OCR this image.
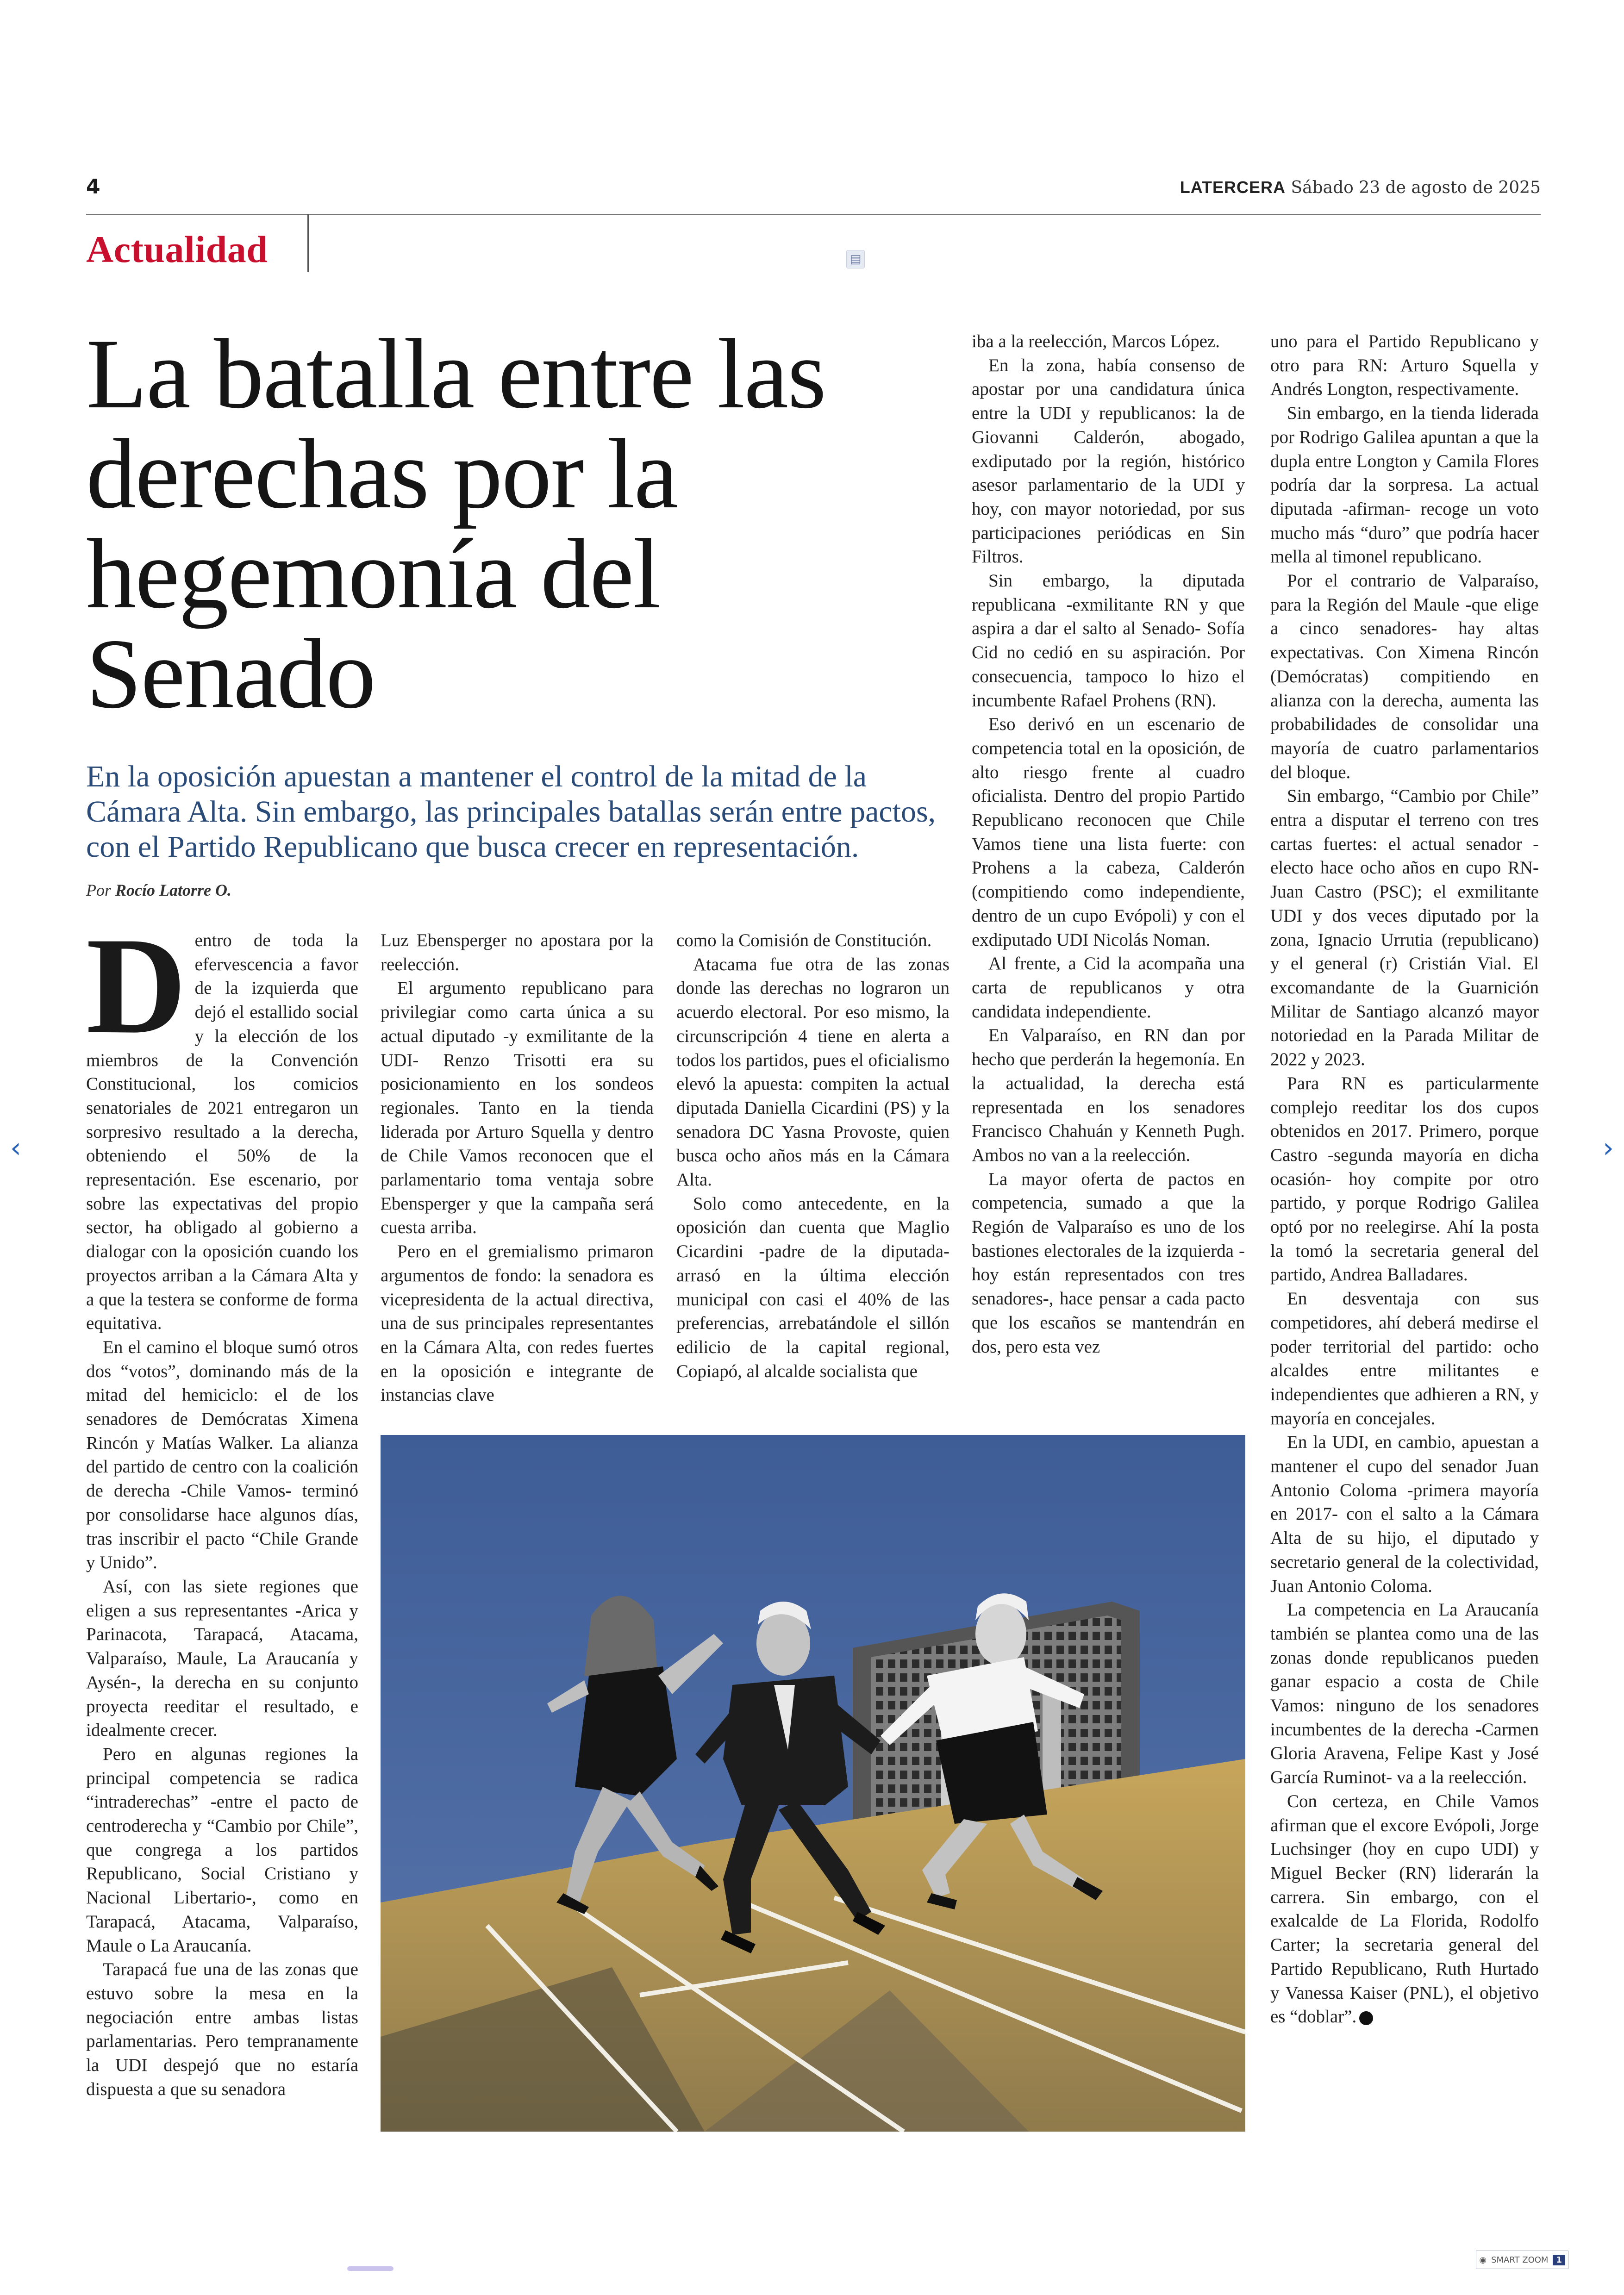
4	LATERCERA Sábado 23 de agosto de 2025
Actualidad	▤
La batalla entre las derechas por la hegemonía del Senado

En la oposición apuestan a mantener el control de la mitad de la Cámara Alta. Sin embargo, las principales batallas serán entre pactos, con el Partido Republicano que busca crecer en representación.

Por Rocío Latorre O.

Dentro de toda la efervescencia a favor de la izquierda que dejó el estallido social y la elección de los miembros de la Convención Constitucional, los comicios senatoriales de 2021 entregaron un sorpresivo resultado a la derecha, obteniendo el 50% de la representación. Ese escenario, por sobre las expectativas del propio sector, ha obligado al gobierno a dialogar con la oposición cuando los proyectos arriban a la Cámara Alta y a que la testera se conforme de forma equitativa.

En el camino el bloque sumó otros dos “votos”, dominando más de la mitad del hemiciclo: el de los senadores de Demócratas Ximena Rincón y Matías Walker. La alianza del partido de centro con la coalición de derecha -Chile Vamos- terminó por consolidarse hace algunos días, tras inscribir el pacto “Chile Grande y Unido”.

Así, con las siete regiones que eligen a sus representantes -Arica y Parinacota, Tarapacá, Atacama, Valparaíso, Maule, La Araucanía y Aysén-, la derecha en su conjunto proyecta reeditar el resultado, e idealmente crecer.

Pero en algunas regiones la principal competencia se radica “intraderechas” -entre el pacto de centroderecha y “Cambio por Chile”, que congrega a los partidos Republicano, Social Cristiano y Nacional Libertario-, como en Tarapacá, Atacama, Valparaíso, Maule o La Araucanía.

Tarapacá fue una de las zonas que estuvo sobre la mesa en la negociación entre ambas listas parlamentarias. Pero tempranamente la UDI despejó que no estaría dispuesta a que su senadora

Luz Ebensperger no apostara por la reelección.

El argumento republicano para privilegiar como carta única a su actual diputado -y exmilitante de la UDI- Renzo Trisotti era su posicionamiento en los sondeos regionales. Tanto en la tienda liderada por Arturo Squella y dentro de Chile Vamos reconocen que el parlamentario toma ventaja sobre Ebensperger y que la campaña será cuesta arriba.

Pero en el gremialismo primaron argumentos de fondo: la senadora es vicepresidenta de la actual directiva, una de sus principales representantes en la Cámara Alta, con redes fuertes en la oposición e integrante de instancias clave

como la Comisión de Constitución.

Atacama fue otra de las zonas donde las derechas no lograron un acuerdo electoral. Por eso mismo, la circunscripción 4 tiene en alerta a todos los partidos, pues el oficialismo elevó la apuesta: compiten la actual diputada Daniella Cicardini (PS) y la senadora DC Yasna Provoste, quien busca ocho años más en la Cámara Alta.

Solo como antecedente, en la oposición dan cuenta que Maglio Cicardini -padre de la diputada- arrasó en la última elección municipal con casi el 40% de las preferencias, arrebatándole el sillón edilicio de la capital regional, Copiapó, al alcalde socialista que

iba a la reelección, Marcos López.

En la zona, había consenso de apostar por una candidatura única entre la UDI y republicanos: la de Giovanni Calderón, abogado, exdiputado por la región, histórico asesor parlamentario de la UDI y hoy, con mayor notoriedad, por sus participaciones periódicas en Sin Filtros.

Sin embargo, la diputada republicana -exmilitante RN y que aspira a dar el salto al Senado- Sofía Cid no cedió en su aspiración. Por consecuencia, tampoco lo hizo el incumbente Rafael Prohens (RN).

Eso derivó en un escenario de competencia total en la oposición, de alto riesgo frente al cuadro oficialista. Dentro del propio Partido Republicano reconocen que Chile Vamos tiene una lista fuerte: con Prohens a la cabeza, Calderón (compitiendo como independiente, dentro de un cupo Evópoli) y con el exdiputado UDI Nicolás Noman.

Al frente, a Cid la acompaña una carta de republicanos y otra candidata independiente.

En Valparaíso, en RN dan por hecho que perderán la hegemonía. En la actualidad, la derecha está representada en los senadores Francisco Chahuán y Kenneth Pugh. Ambos no van a la reelección.

La mayor oferta de pactos en competencia, sumado a que la Región de Valparaíso es uno de los bastiones electorales de la izquierda -hoy están representados con tres senadores-, hace pensar a cada pacto que los escaños se mantendrán en dos, pero esta vez

uno para el Partido Republicano y otro para RN: Arturo Squella y Andrés Longton, respectivamente.

Sin embargo, en la tienda liderada por Rodrigo Galilea apuntan a que la dupla entre Longton y Camila Flores podría dar la sorpresa. La actual diputada -afirman- recoge un voto mucho más “duro” que podría hacer mella al timonel republicano.

Por el contrario de Valparaíso, para la Región del Maule -que elige a cinco senadores- hay altas expectativas. Con Ximena Rincón (Demócratas) compitiendo en alianza con la derecha, aumenta las probabilidades de consolidar una mayoría de cuatro parlamentarios del bloque.

Sin embargo, “Cambio por Chile” entra a disputar el terreno con tres cartas fuertes: el actual senador -electo hace ocho años en cupo RN- Juan Castro (PSC); el exmilitante UDI y dos veces diputado por la zona, Ignacio Urrutia (republicano) y el general (r) Cristián Vial. El excomandante de la Guarnición Militar de Santiago alcanzó mayor notoriedad en la Parada Militar de 2022 y 2023.

Para RN es particularmente complejo reeditar los dos cupos obtenidos en 2017. Primero, porque Castro -segunda mayoría en dicha ocasión- hoy compite por otro partido, y porque Rodrigo Galilea optó por no reelegirse. Ahí la posta la tomó la secretaria general del partido, Andrea Balladares.

En desventaja con sus competidores, ahí deberá medirse el poder territorial del partido: ocho alcaldes entre militantes e independientes que adhieren a RN, y mayoría en concejales.

En la UDI, en cambio, apuestan a mantener el cupo del senador Juan Antonio Coloma -primera mayoría en 2017- con el salto a la Cámara Alta de su hijo, el diputado y secretario general de la colectividad, Juan Antonio Coloma.

La competencia en La Araucanía también se plantea como una de las zonas donde republicanos pueden ganar espacio a costa de Chile Vamos: ninguno de los senadores incumbentes de la derecha -Carmen Gloria Aravena, Felipe Kast y José García Ruminot- va a la reelección.

Con certeza, en Chile Vamos afirman que el excore Evópoli, Jorge Luchsinger (hoy en cupo UDI) y Miguel Becker (RN) liderarán la carrera. Sin embargo, con el exalcalde de La Florida, Rodolfo Carter; la secretaria general del Partido Republicano, Ruth Hurtado y Vanessa Kaiser (PNL), el objetivo es “doblar”.

‹	›
◉ SMART ZOOM 1
